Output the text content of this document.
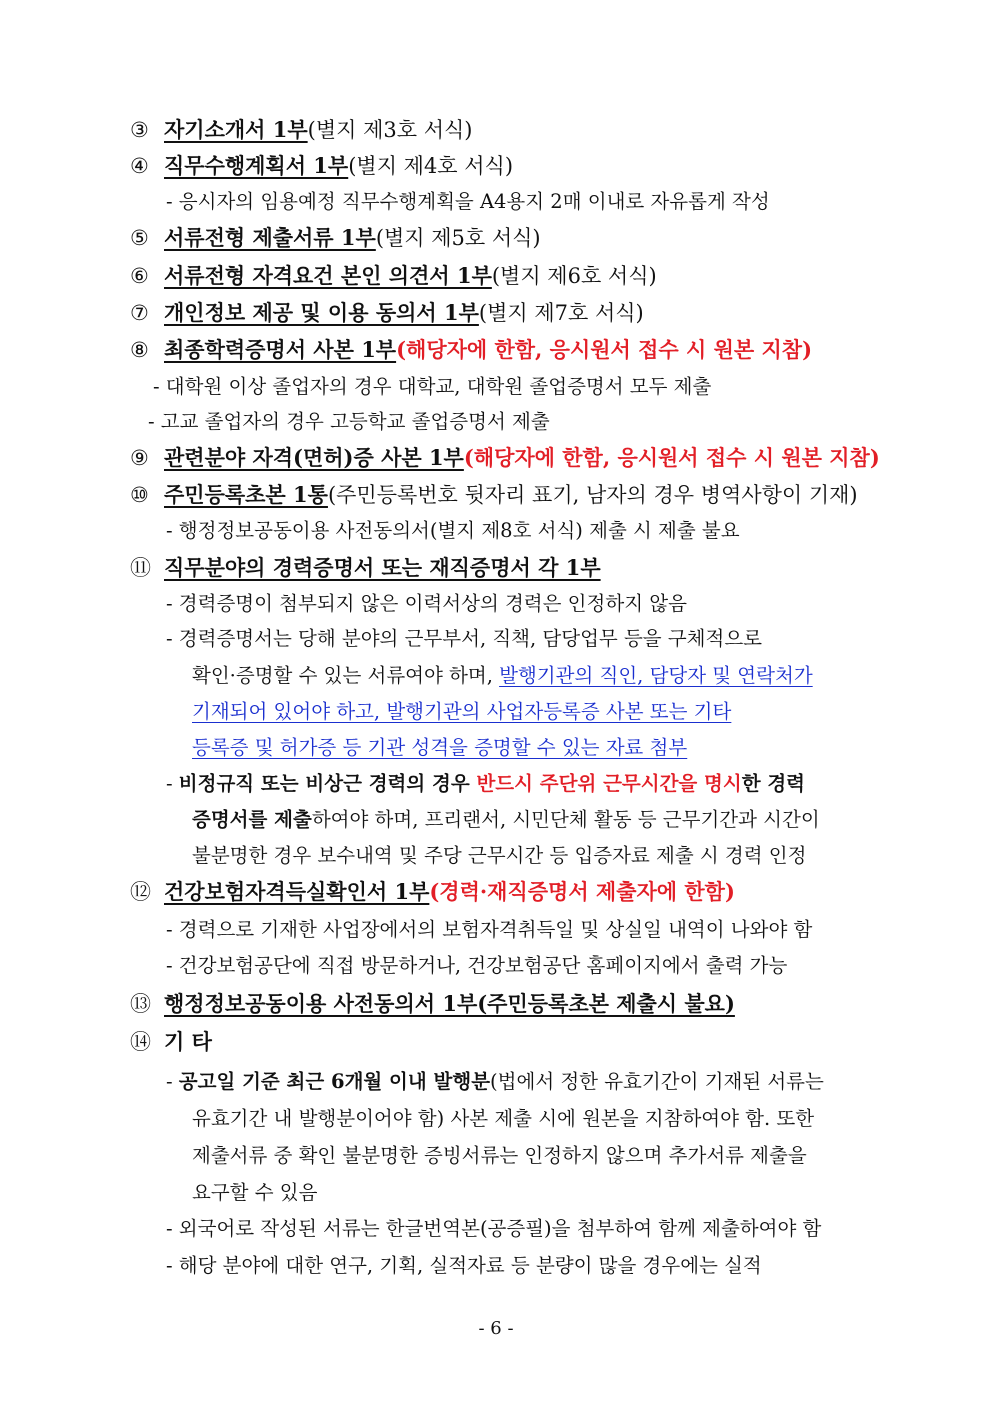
③ 자기소개서 1부(별지 제3호 서식)
④ 직무수행계획서 1부(별지 제4호 서식)
- 응시자의 임용예정 직무수행계획을 A4용지 2매 이내로 자유롭게 작성
⑤ 서류전형 제출서류 1부(별지 제5호 서식)
⑥ 서류전형 자격요건 본인 의견서 1부(별지 제6호 서식)
⑦ 개인정보 제공 및 이용 동의서 1부(별지 제7호 서식)
⑧ 최종학력증명서 사본 1부(해당자에 한함, 응시원서 접수 시 원본 지참)
- 대학원 이상 졸업자의 경우 대학교, 대학원 졸업증명서 모두 제출
- 고교 졸업자의 경우 고등학교 졸업증명서 제출
⑨ 관련분야 자격(면허)증 사본 1부(해당자에 한함, 응시원서 접수 시 원본 지참)
⑩ 주민등록초본 1통(주민등록번호 뒷자리 표기, 남자의 경우 병역사항이 기재)
- 행정정보공동이용 사전동의서(별지 제8호 서식) 제출 시 제출 불요
⑪ 직무분야의 경력증명서 또는 재직증명서 각 1부
- 경력증명이 첨부되지 않은 이력서상의 경력은 인정하지 않음
- 경력증명서는 당해 분야의 근무부서, 직책, 담당업무 등을 구체적으로
확인·증명할 수 있는 서류여야 하며, 발행기관의 직인, 담당자 및 연락처가
기재되어 있어야 하고, 발행기관의 사업자등록증 사본 또는 기타
등록증 및 허가증 등 기관 성격을 증명할 수 있는 자료 첨부
- 비정규직 또는 비상근 경력의 경우 반드시 주단위 근무시간을 명시한 경력
증명서를 제출하여야 하며, 프리랜서, 시민단체 활동 등 근무기간과 시간이
불분명한 경우 보수내역 및 주당 근무시간 등 입증자료 제출 시 경력 인정
⑫ 건강보험자격득실확인서 1부(경력·재직증명서 제출자에 한함)
- 경력으로 기재한 사업장에서의 보험자격취득일 및 상실일 내역이 나와야 함
- 건강보험공단에 직접 방문하거나, 건강보험공단 홈페이지에서 출력 가능
⑬ 행정정보공동이용 사전동의서 1부(주민등록초본 제출시 불요)
⑭ 기 타
- 공고일 기준 최근 6개월 이내 발행분(법에서 정한 유효기간이 기재된 서류는
유효기간 내 발행분이어야 함) 사본 제출 시에 원본을 지참하여야 함. 또한
제출서류 중 확인 불분명한 증빙서류는 인정하지 않으며 추가서류 제출을
요구할 수 있음
- 외국어로 작성된 서류는 한글번역본(공증필)을 첨부하여 함께 제출하여야 함
- 해당 분야에 대한 연구, 기획, 실적자료 등 분량이 많을 경우에는 실적
- 6 -
